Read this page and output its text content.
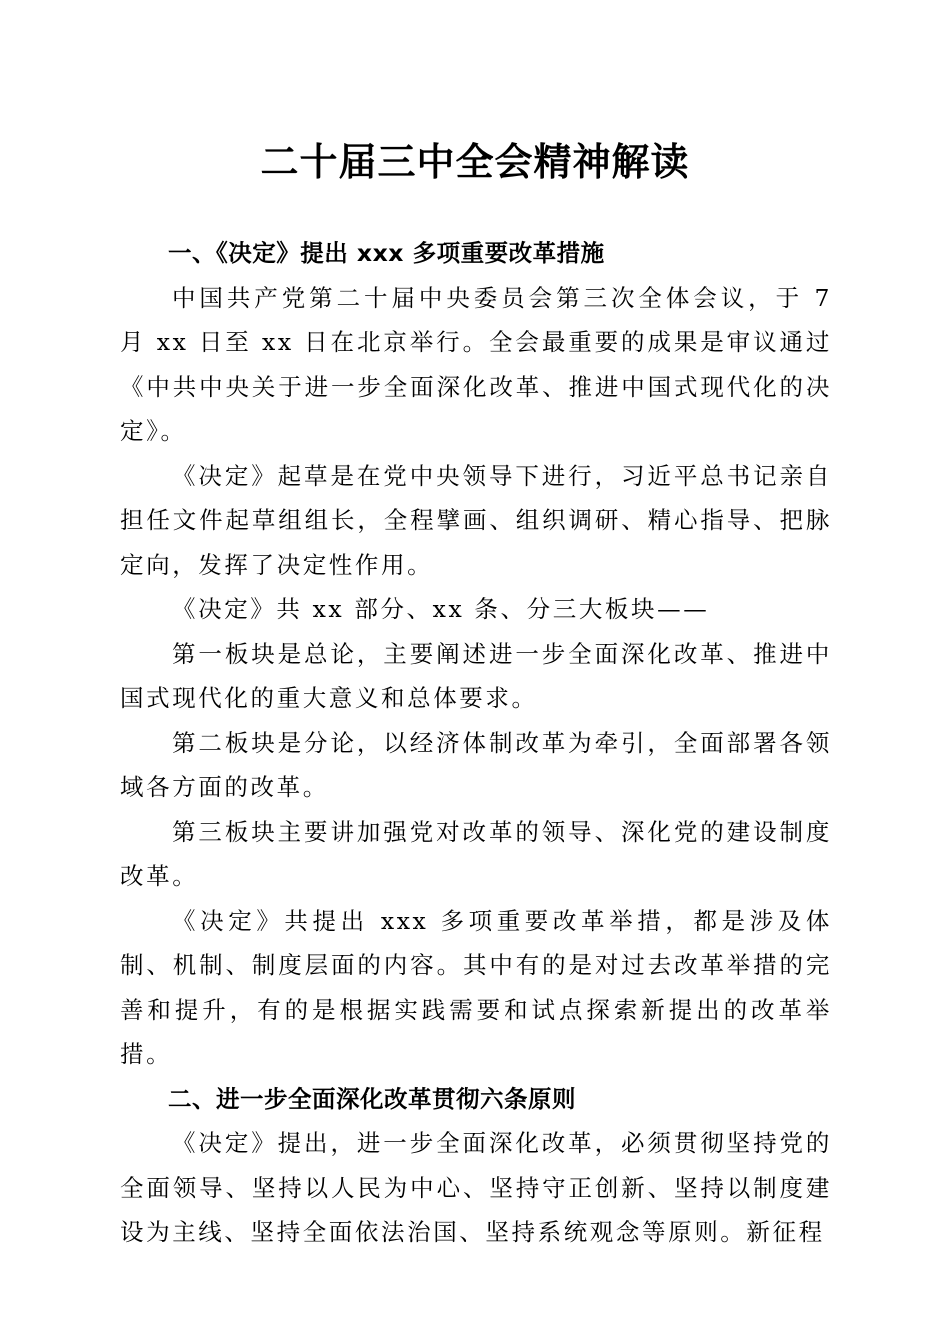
二十届三中全会精神解读

一、《决定》提出 xxx 多项重要改革措施

中国共产党第二十届中央委员会第三次全体会议，于 7 月 xx 日至 xx 日在北京举行。全会最重要的成果是审议通过《中共中央关于进一步全面深化改革、推进中国式现代化的决定》。

《决定》起草是在党中央领导下进行，习近平总书记亲自担任文件起草组组长，全程擘画、组织调研、精心指导、把脉定向，发挥了决定性作用。

《决定》共 xx 部分、xx 条、分三大板块——

第一板块是总论，主要阐述进一步全面深化改革、推进中国式现代化的重大意义和总体要求。

第二板块是分论，以经济体制改革为牵引，全面部署各领域各方面的改革。

第三板块主要讲加强党对改革的领导、深化党的建设制度改革。

《决定》共提出 xxx 多项重要改革举措，都是涉及体制、机制、制度层面的内容。其中有的是对过去改革举措的完善和提升，有的是根据实践需要和试点探索新提出的改革举措。

二、进一步全面深化改革贯彻六条原则

《决定》提出，进一步全面深化改革，必须贯彻坚持党的全面领导、坚持以人民为中心、坚持守正创新、坚持以制度建设为主线、坚持全面依法治国、坚持系统观念等原则。新征程
